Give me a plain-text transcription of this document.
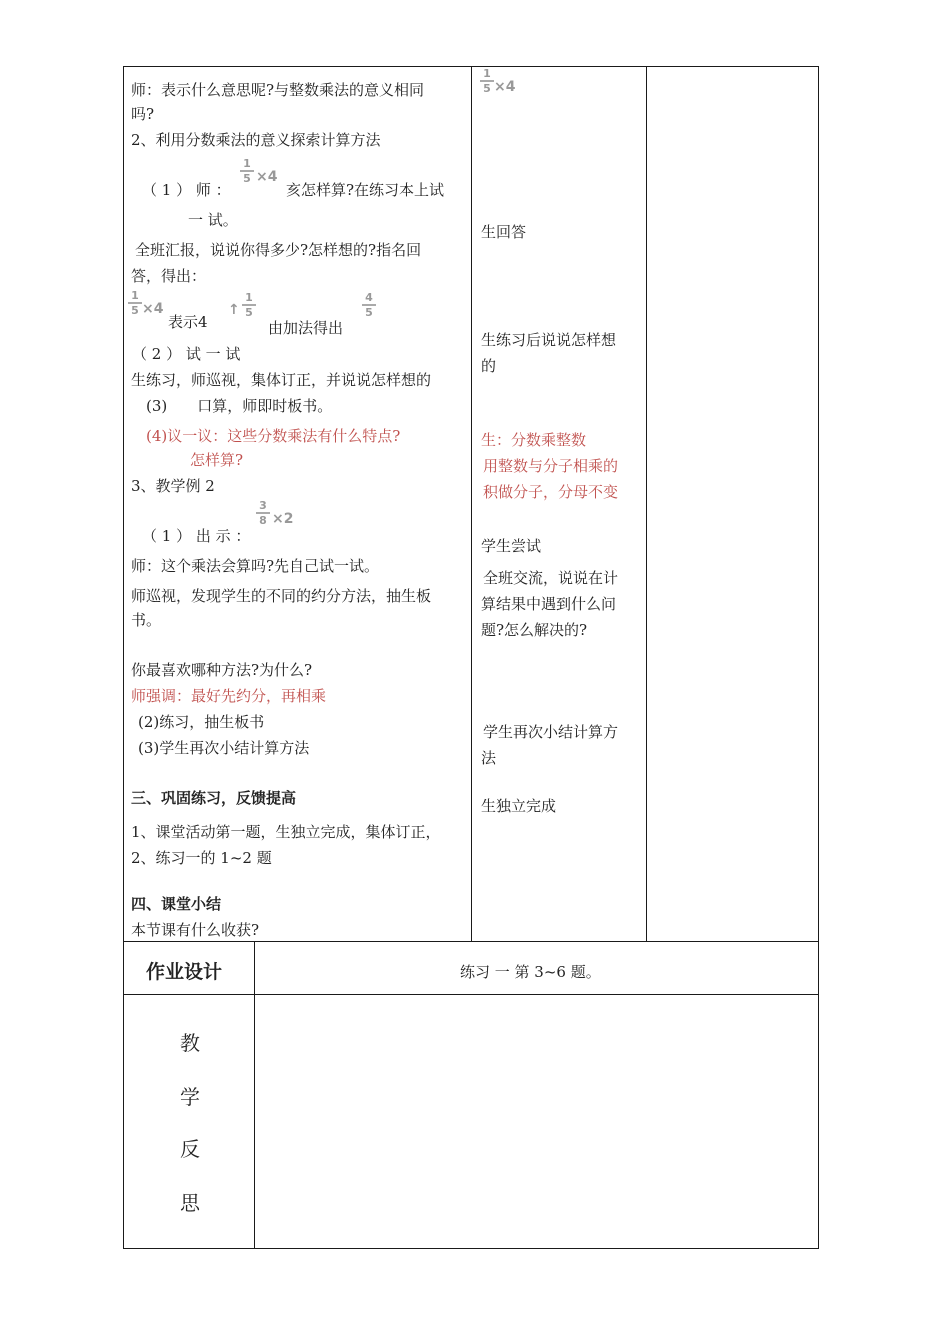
师：表示什么意思呢?与整数乘法的意义相同
吗?
2、利用分数乘法的意义探索计算方法
（ 1 ） 师 ：
1
5 ×4
亥怎样算?在练习本上试
一 试。
全班汇报，说说你得多少?怎样想的?指名回
答，得出：
1
5 ×4
表示4
↑
1
5
由加法得出
4
5
（ 2 ） 试 一 试
生练习，师巡视，集体订正，并说说怎样想的
(3)　　口算，师即时板书。
(4)议一议：这些分数乘法有什么特点?
怎样算?
3、教学例 2
（ 1 ） 出 示 ：
3
8 ×2
师：这个乘法会算吗?先自己试一试。
师巡视，发现学生的不同的约分方法，抽生板
书。
你最喜欢哪种方法?为什么?
师强调：最好先约分，再相乘
(2)练习，抽生板书
(3)学生再次小结计算方法
三、巩固练习，反馈提高
1、课堂活动第一题，生独立完成，集体订正，
2、练习一的 1~2 题
四、课堂小结
本节课有什么收获?
1
5 ×4
生回答
生练习后说说怎样想
的
生：分数乘整数
用整数与分子相乘的
积做分子，分母不变
学生尝试
全班交流，说说在计
算结果中遇到什么问
题?怎么解决的?
学生再次小结计算方
法
生独立完成
作业设计	练习 一 第 3~6 题。
教
学
反
思
